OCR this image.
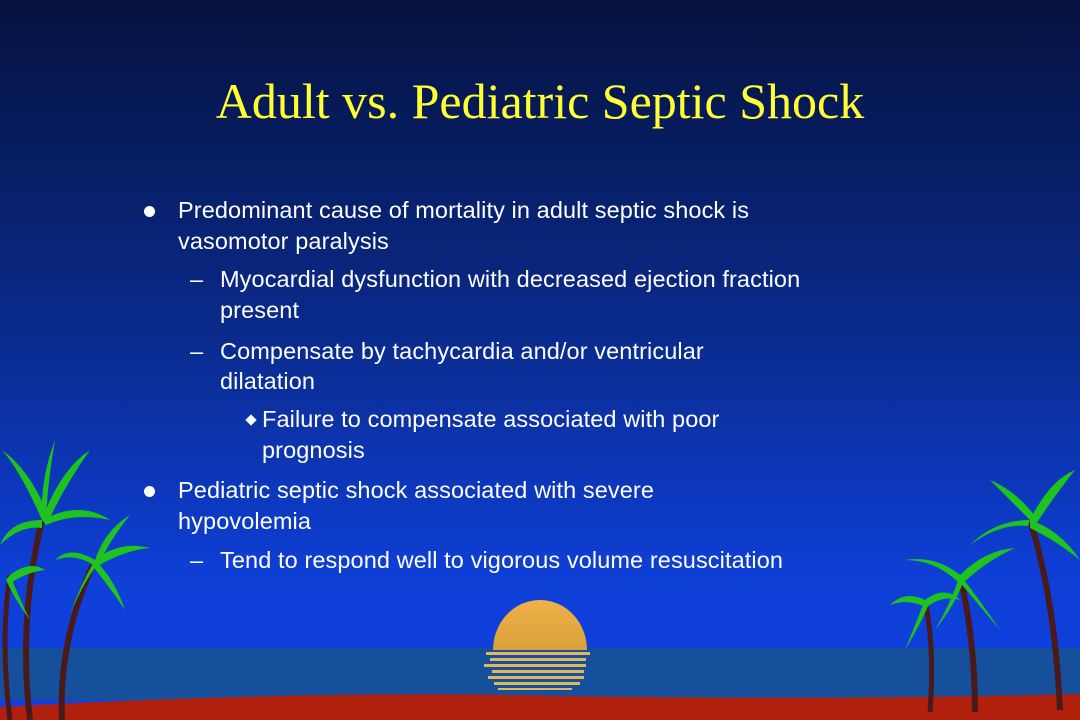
Adult vs. Pediatric Septic Shock
Predominant cause of mortality in adult septic shock is
vasomotor paralysis
– Myocardial dysfunction with decreased ejection fraction
present
– Compensate by tachycardia and/or ventricular
dilatation
Failure to compensate associated with poor
prognosis
Pediatric septic shock associated with severe
hypovolemia
– Tend to respond well to vigorous volume resuscitation
